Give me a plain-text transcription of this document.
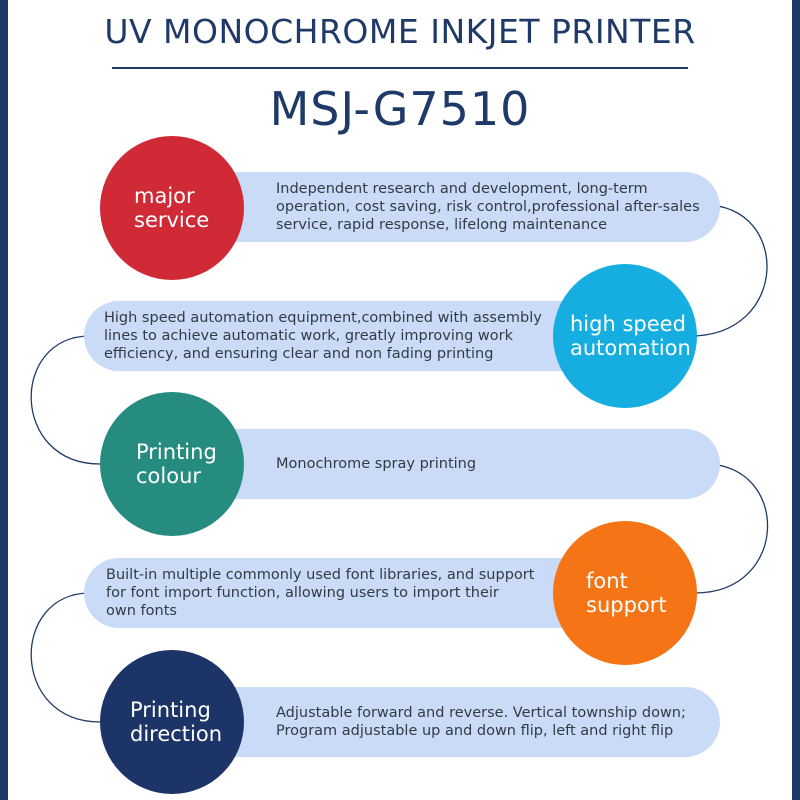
UV MONOCHROME INKJET PRINTER
MSJ-G7510
Independent research and development, long-term
operation, cost saving, risk control,professional after-sales
service, rapid response, lifelong maintenance
major
service
High speed automation equipment,combined with assembly
lines to achieve automatic work, greatly improving work
efficiency, and ensuring clear and non fading printing
high speed
automation
Monochrome spray printing
Printing
colour
Built-in multiple commonly used font libraries, and support
for font import function, allowing users to import their
own fonts
font
support
Adjustable forward and reverse. Vertical township down;
Program adjustable up and down flip, left and right flip
Printing
direction
